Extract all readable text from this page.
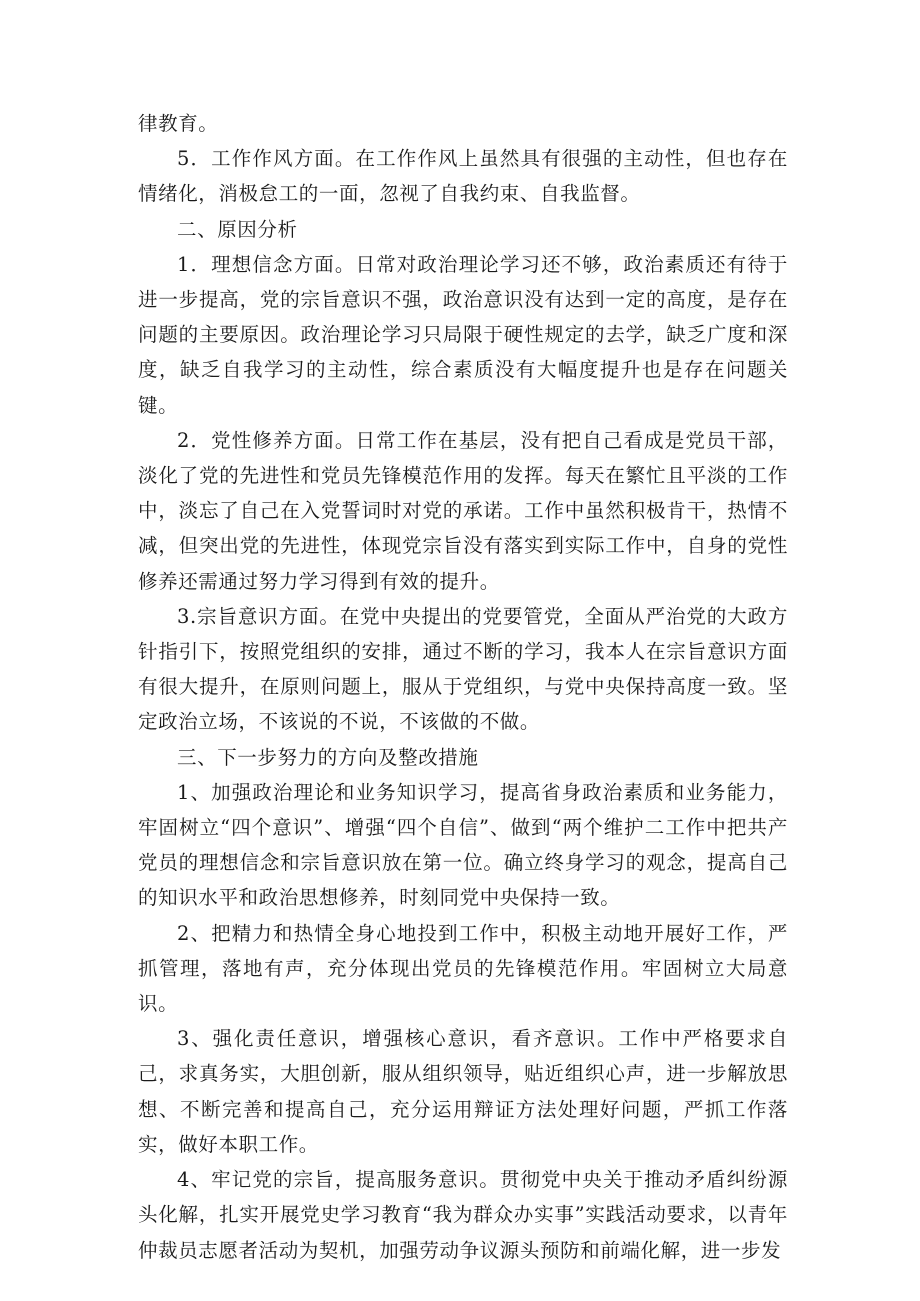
律教育。

5．工作作风方面。在工作作风上虽然具有很强的主动性，但也存在情绪化，消极怠工的一面，忽视了自我约束、自我监督。

二、原因分析

1．理想信念方面。日常对政治理论学习还不够，政治素质还有待于进一步提高，党的宗旨意识不强，政治意识没有达到一定的高度，是存在问题的主要原因。政治理论学习只局限于硬性规定的去学，缺乏广度和深度，缺乏自我学习的主动性，综合素质没有大幅度提升也是存在问题关键。

2．党性修养方面。日常工作在基层，没有把自己看成是党员干部，淡化了党的先进性和党员先锋模范作用的发挥。每天在繁忙且平淡的工作中，淡忘了自己在入党誓词时对党的承诺。工作中虽然积极肯干，热情不减，但突出党的先进性，体现党宗旨没有落实到实际工作中，自身的党性修养还需通过努力学习得到有效的提升。

3.宗旨意识方面。在党中央提出的党要管党，全面从严治党的大政方针指引下，按照党组织的安排，通过不断的学习，我本人在宗旨意识方面有很大提升，在原则问题上，服从于党组织，与党中央保持高度一致。坚定政治立场，不该说的不说，不该做的不做。

三、下一步努力的方向及整改措施

1、加强政治理论和业务知识学习，提高省身政治素质和业务能力，牢固树立“四个意识”、增强“四个自信”、做到“两个维护二工作中把共产党员的理想信念和宗旨意识放在第一位。确立终身学习的观念，提高自己的知识水平和政治思想修养，时刻同党中央保持一致。

2、把精力和热情全身心地投到工作中，积极主动地开展好工作，严抓管理，落地有声，充分体现出党员的先锋模范作用。牢固树立大局意识。

3、强化责任意识，增强核心意识，看齐意识。工作中严格要求自己，求真务实，大胆创新，服从组织领导，贴近组织心声，进一步解放思想、不断完善和提高自己，充分运用辩证方法处理好问题，严抓工作落实，做好本职工作。

4、牢记党的宗旨，提高服务意识。贯彻党中央关于推动矛盾纠纷源头化解，扎实开展党史学习教育“我为群众办实事”实践活动要求，以青年仲裁员志愿者活动为契机，加强劳动争议源头预防和前端化解，进一步发
